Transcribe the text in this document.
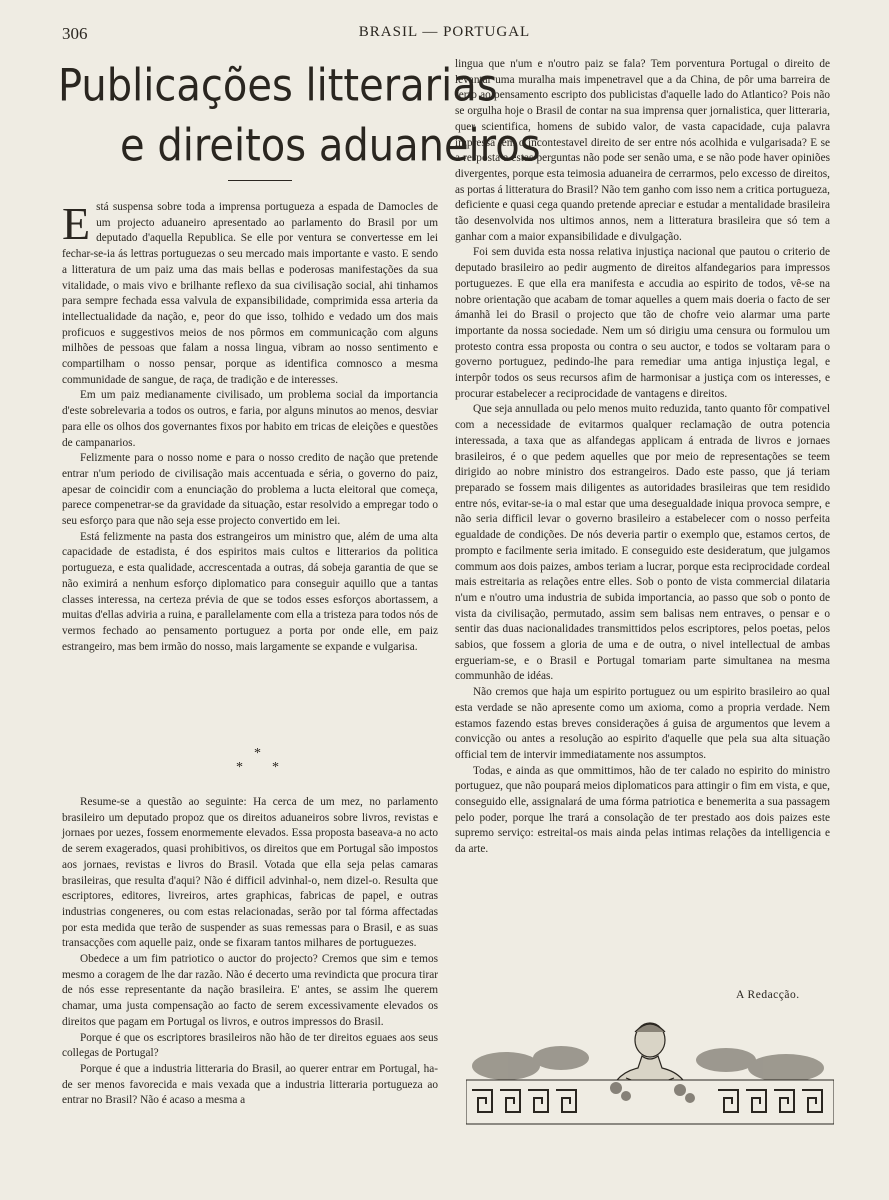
306	BRASIL — PORTUGAL
Publicações litterarias
e direitos aduaneiros

Está suspensa sobre toda a imprensa portugueza a espada de Damocles de um projecto aduaneiro apresentado ao parlamento do Brasil por um deputado d'aquella Republica. Se elle por ventura se convertesse em lei fechar-se-ia ás lettras portuguezas o seu mercado mais importante e vasto. E sendo a litteratura de um paiz uma das mais bellas e poderosas manifestações da sua vitalidade, o mais vivo e brilhante reflexo da sua civilisação social, ahi tinhamos para sempre fechada essa valvula de expansibilidade, comprimida essa arteria da intellectualidade da nação, e, peor do que isso, tolhido e vedado um dos mais proficuos e suggestivos meios de nos pôrmos em communicação com alguns milhões de pessoas que falam a nossa lingua, vibram ao nosso sentimento e compartilham o nosso pensar, porque as identifica comnosco a mesma communidade de sangue, de raça, de tradição e de interesses.

Em um paiz medianamente civilisado, um problema social da importancia d'este sobrelevaria a todos os outros, e faria, por alguns minutos ao menos, desviar para elle os olhos dos governantes fixos por habito em tricas de eleições e questões de campanarios.

Felizmente para o nosso nome e para o nosso credito de nação que pretende entrar n'um periodo de civilisação mais accentuada e séria, o governo do paiz, apesar de coincidir com a enunciação do problema a lucta eleitoral que começa, parece compenetrar-se da gravidade da situação, estar resolvido a empregar todo o seu esforço para que não seja esse projecto convertido em lei.

Está felizmente na pasta dos estrangeiros um ministro que, além de uma alta capacidade de estadista, é dos espiritos mais cultos e litterarios da politica portugueza, e esta qualidade, accrescentada a outras, dá sobeja garantia de que se não eximirá a nenhum esforço diplomatico para conseguir aquillo que a tantas classes interessa, na certeza prévia de que se todos esses esforços abortassem, a muitas d'ellas adviria a ruina, e parallelamente com ella a tristeza para todos nós de vermos fechado ao pensamento portuguez a porta por onde elle, em paiz estrangeiro, mas bem irmão do nosso, mais largamente se expande e vulgarisa.

*
* *

Resume-se a questão ao seguinte: Ha cerca de um mez, no parlamento brasileiro um deputado propoz que os direitos aduaneiros sobre livros, revistas e jornaes por uezes, fossem enormemente elevados. Essa proposta baseava-a no acto de serem exagerados, quasi prohibitivos, os direitos que em Portugal são impostos aos jornaes, revistas e livros do Brasil. Votada que ella seja pelas camaras brasileiras, que resulta d'aqui? Não é difficil advinhal-o, nem dizel-o. Resulta que escriptores, editores, livreiros, artes graphicas, fabricas de papel, e outras industrias congeneres, ou com estas relacionadas, serão por tal fórma affectadas por esta medida que terão de suspender as suas remessas para o Brasil, e as suas transacções com aquelle paiz, onde se fixaram tantos milhares de portuguezes.

Obedece a um fim patriotico o auctor do projecto? Cremos que sim e temos mesmo a coragem de lhe dar razão. Não é decerto uma revindicta que procura tirar de nós esse representante da nação brasileira. E' antes, se assim lhe querem chamar, uma justa compensação ao facto de serem excessivamente elevados os direitos que pagam em Portugal os livros, e outros impressos do Brasil.

Porque é que os escriptores brasileiros não hão de ter direitos eguaes aos seus collegas de Portugal?

Porque é que a industria litteraria do Brasil, ao querer entrar em Portugal, ha-de ser menos favorecida e mais vexada que a industria litteraria portugueza ao entrar no Brasil? Não é acaso a mesma a

lingua que n'um e n'outro paiz se fala? Tem porventura Portugal o direito de levantar uma muralha mais impenetravel que a da China, de pôr uma barreira de ferro ao pensamento escripto dos publicistas d'aquelle lado do Atlantico? Pois não se orgulha hoje o Brasil de contar na sua imprensa quer jornalistica, quer litteraria, quer scientifica, homens de subido valor, de vasta capacidade, cuja palavra impressa tem o incontestavel direito de ser entre nós acolhida e vulgarisada? E se a resposta a estas perguntas não pode ser senão uma, e se não pode haver opiniões divergentes, porque esta teimosia aduaneira de cerrarmos, pelo excesso de direitos, as portas á litteratura do Brasil? Não tem ganho com isso nem a critica portugueza, deficiente e quasi cega quando pretende apreciar e estudar a mentalidade brasileira tão desenvolvida nos ultimos annos, nem a litteratura brasileira que só tem a ganhar com a maior expansibilidade e divulgação.

Foi sem duvida esta nossa relativa injustiça nacional que pautou o criterio de deputado brasileiro ao pedir augmento de direitos alfandegarios para impressos portuguezes. E que ella era manifesta e accudia ao espirito de todos, vê-se na nobre orientação que acabam de tomar aquelles a quem mais doeria o facto de ser ámanhã lei do Brasil o projecto que tão de chofre veio alarmar uma parte importante da nossa sociedade. Nem um só dirigiu uma censura ou formulou um protesto contra essa proposta ou contra o seu auctor, e todos se voltaram para o governo portuguez, pedindo-lhe para remediar uma antiga injustiça legal, e interpôr todos os seus recursos afim de harmonisar a justiça com os interesses, e procurar estabelecer a reciprocidade de vantagens e direitos.

Que seja annullada ou pelo menos muito reduzida, tanto quanto fôr compativel com a necessidade de evitarmos qualquer reclamação de outra potencia interessada, a taxa que as alfandegas applicam á entrada de livros e jornaes brasileiros, é o que pedem aquelles que por meio de representações se teem dirigido ao nobre ministro dos estrangeiros. Dado este passo, que já teriam preparado se fossem mais diligentes as autoridades brasileiras que tem residido entre nós, evitar-se-ia o mal estar que uma desegualdade iniqua provoca sempre, e não seria difficil levar o governo brasileiro a estabelecer com o nosso perfeita egualdade de condições. De nós deveria partir o exemplo que, estamos certos, de prompto e facilmente seria imitado. E conseguido este desideratum, que julgamos commum aos dois paizes, ambos teriam a lucrar, porque esta reciprocidade cordeal mais estreitaria as relações entre elles. Sob o ponto de vista commercial dilataria n'um e n'outro uma industria de subida importancia, ao passo que sob o ponto de vista da civilisação, permutado, assim sem balisas nem entraves, o pensar e o sentir das duas nacionalidades transmittidos pelos escriptores, pelos poetas, pelos sabios, que fossem a gloria de uma e de outra, o nivel intellectual de ambas ergueriam-se, e o Brasil e Portugal tomariam parte simultanea na mesma communhão de idéas.

Não cremos que haja um espirito portuguez ou um espirito brasileiro ao qual esta verdade se não apresente como um axioma, como a propria verdade. Nem estamos fazendo estas breves considerações á guisa de argumentos que levem a convicção ou antes a resolução ao espirito d'aquelle que pela sua alta situação official tem de intervir immediatamente nos assumptos.

Todas, e ainda as que ommittimos, hão de ter calado no espirito do ministro portuguez, que não poupará meios diplomaticos para attingir o fim em vista, e que, conseguido elle, assignalará de uma fórma patriotica e benemerita a sua passagem pelo poder, porque lhe trará a consolação de ter prestado aos dois paizes este supremo serviço: estreital-os mais ainda pelas intimas relações da intelligencia e da arte.

A Redacção.
